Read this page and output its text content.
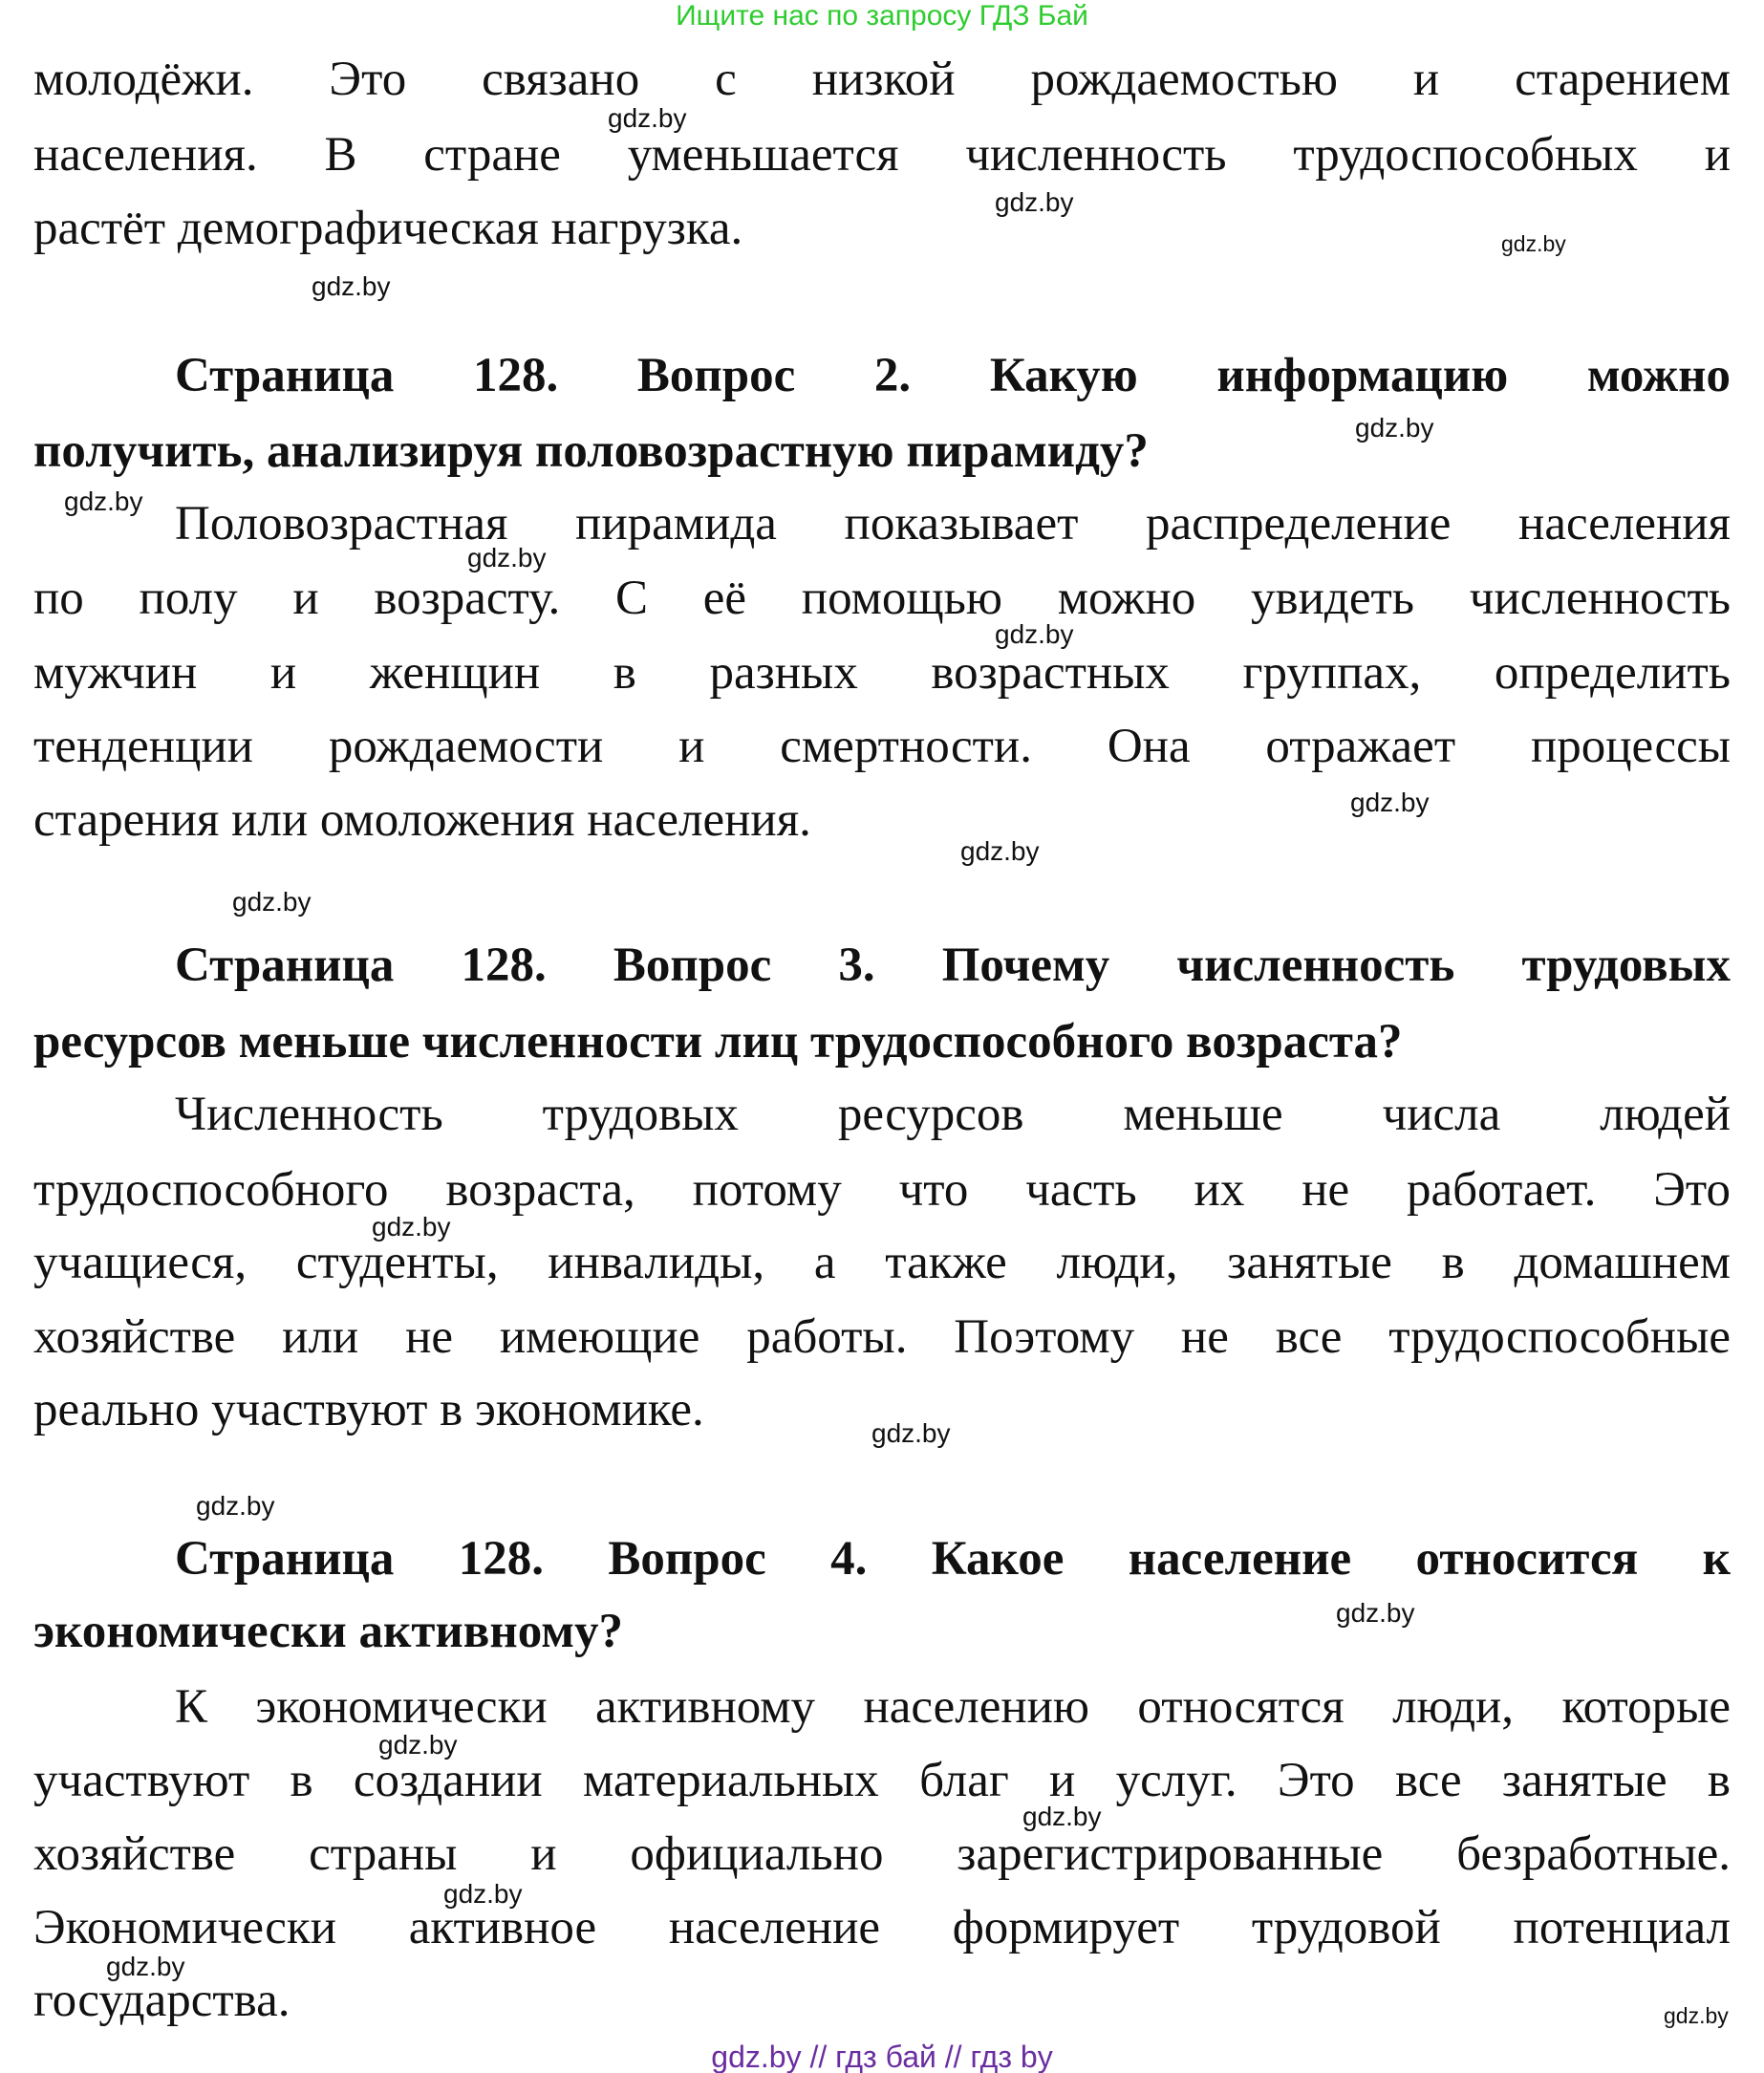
Ищите нас по запросу ГДЗ Бай
молодёжи. Это связано с низкой рождаемостью и старением
населения. В стране уменьшается численность трудоспособных и
растёт демографическая нагрузка.
Страница 128. Вопрос 2. Какую информацию можно
получить, анализируя половозрастную пирамиду?
Половозрастная пирамида показывает распределение населения
по полу и возрасту. С её помощью можно увидеть численность
мужчин и женщин в разных возрастных группах, определить
тенденции рождаемости и смертности. Она отражает процессы
старения или омоложения населения.
Страница 128. Вопрос 3. Почему численность трудовых
ресурсов меньше численности лиц трудоспособного возраста?
Численность трудовых ресурсов меньше числа людей
трудоспособного возраста, потому что часть их не работает. Это
учащиеся, студенты, инвалиды, а также люди, занятые в домашнем
хозяйстве или не имеющие работы. Поэтому не все трудоспособные
реально участвуют в экономике.
Страница 128. Вопрос 4. Какое население относится к
экономически активному?
К экономически активному населению относятся люди, которые
участвуют в создании материальных благ и услуг. Это все занятые в
хозяйстве страны и официально зарегистрированные безработные.
Экономически активное население формирует трудовой потенциал
государства.
gdz.by
gdz.by
gdz.by
gdz.by
gdz.by
gdz.by
gdz.by
gdz.by
gdz.by
gdz.by
gdz.by
gdz.by
gdz.by
gdz.by
gdz.by
gdz.by
gdz.by
gdz.by
gdz.by
gdz.by
gdz.by // гдз бай // гдз by
